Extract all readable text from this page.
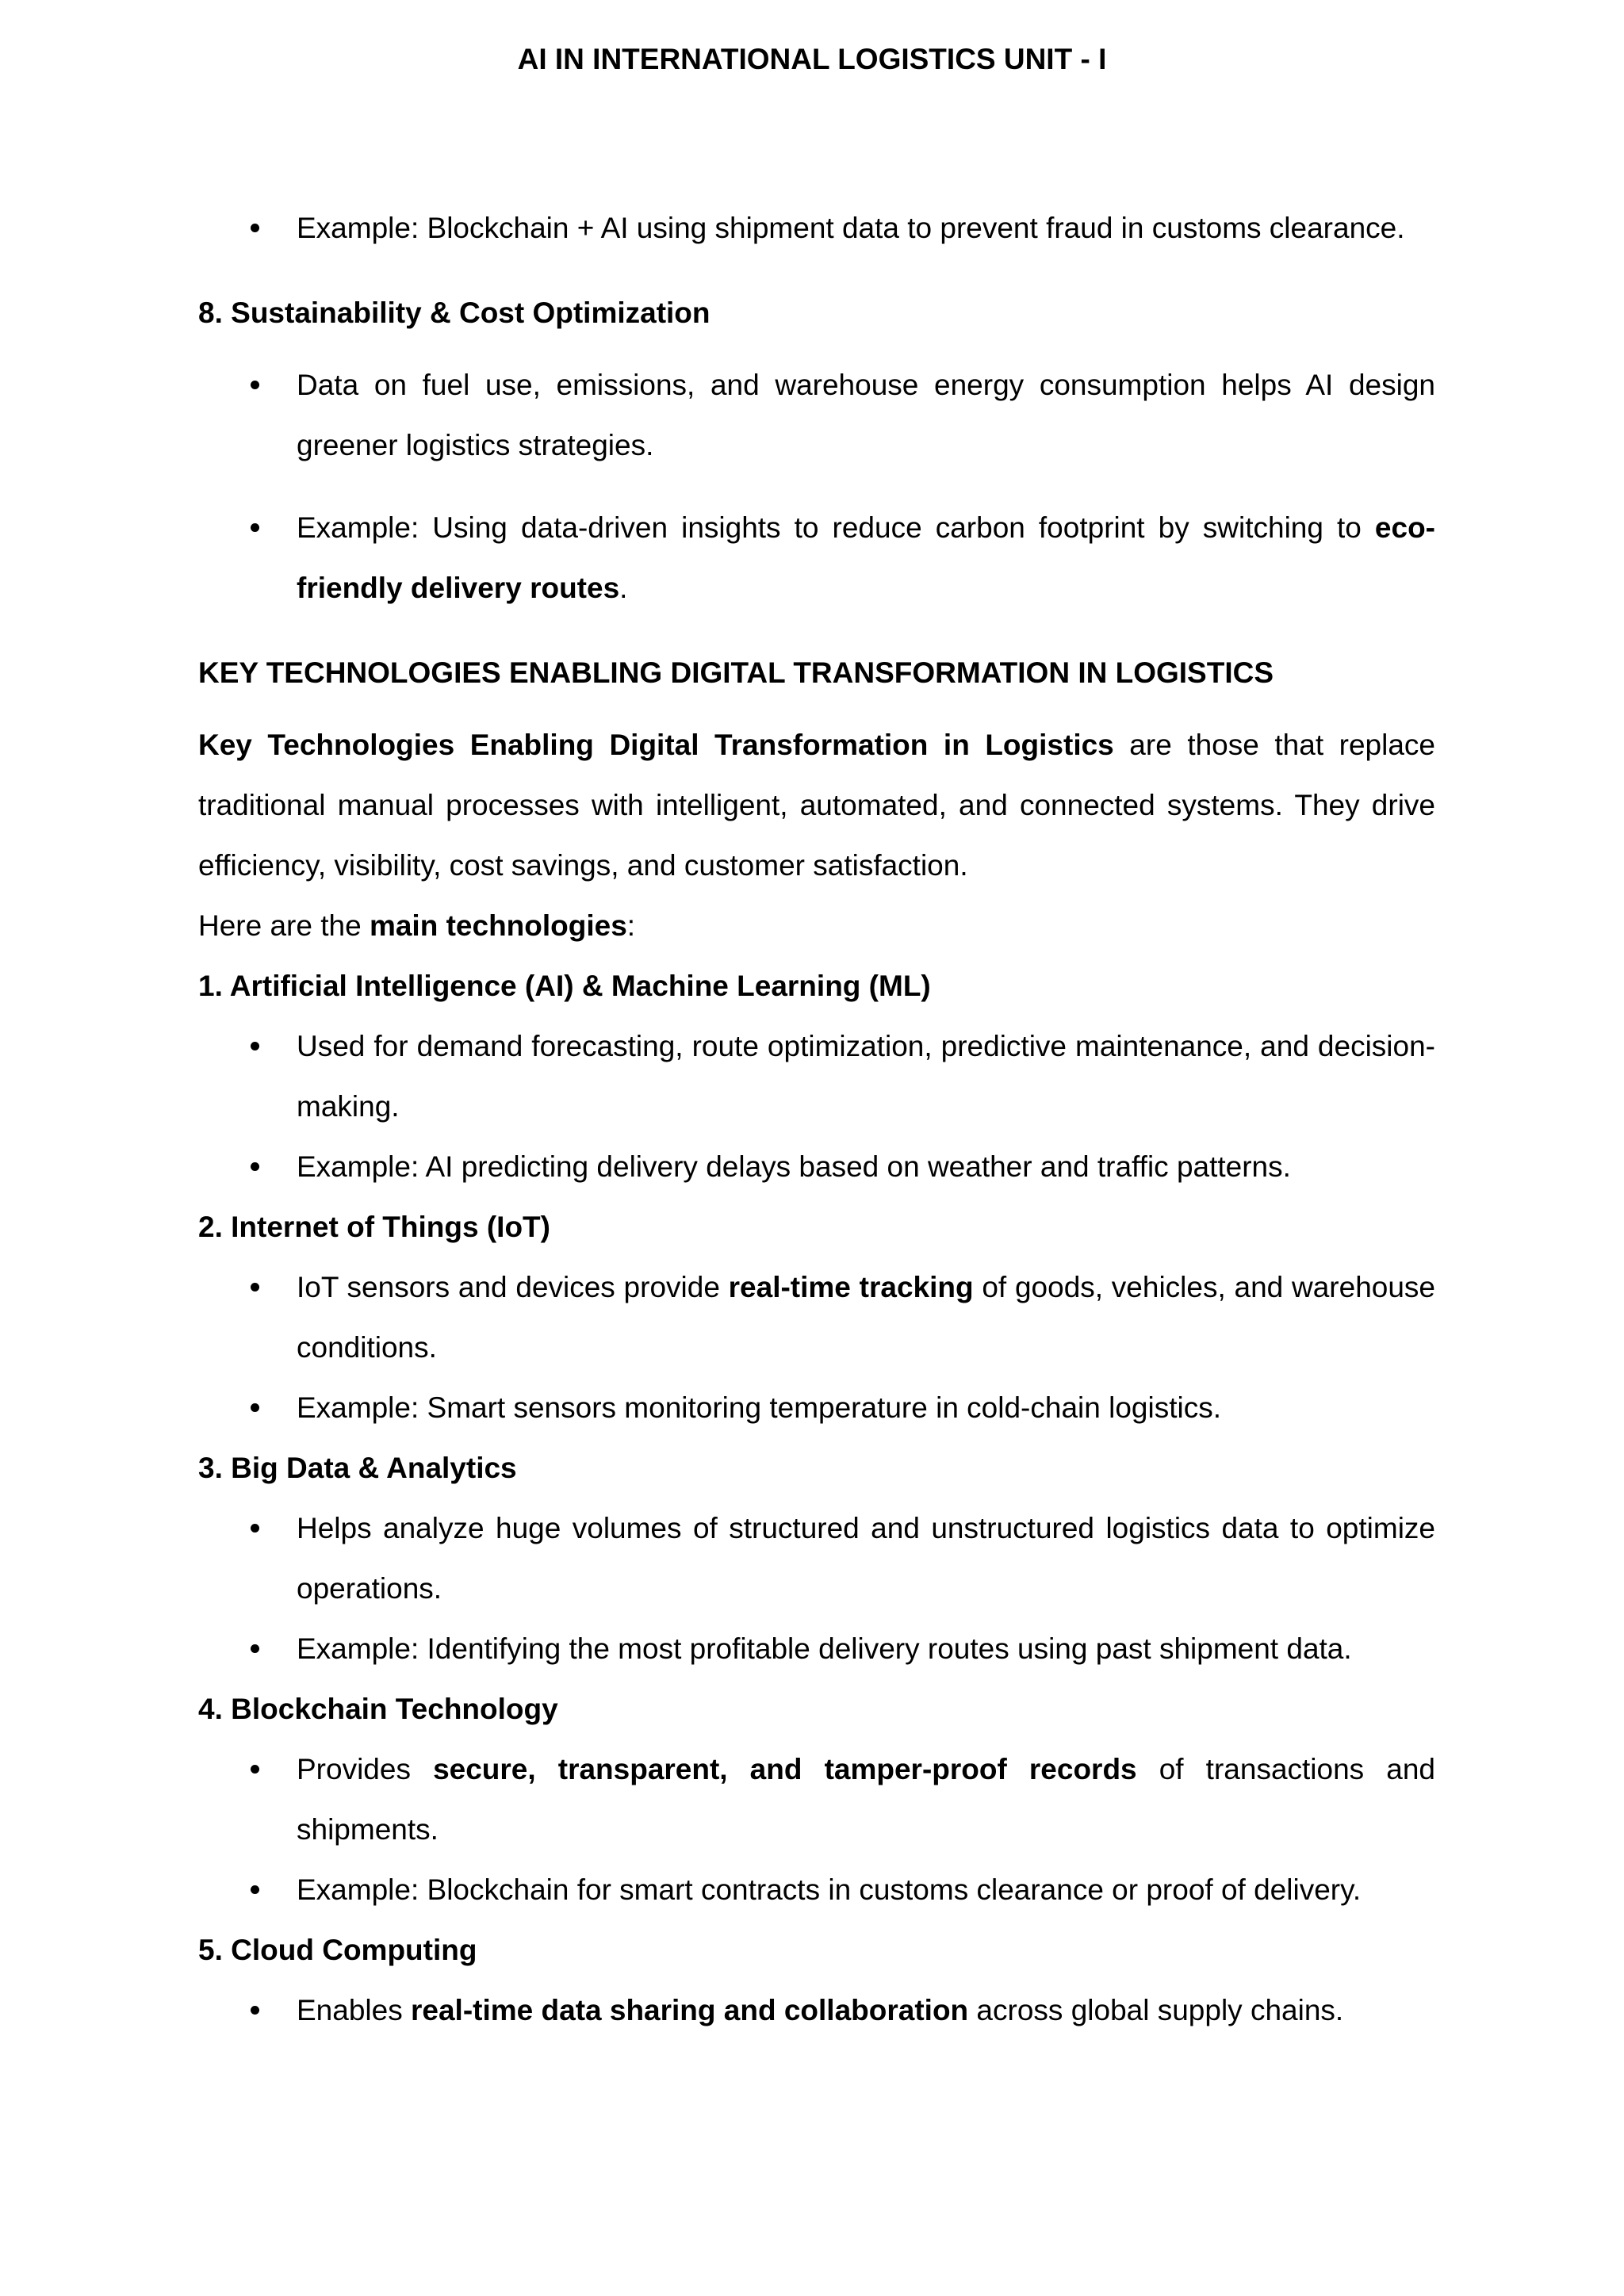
AI IN INTERNATIONAL LOGISTICS UNIT - I

Example: Blockchain + AI using shipment data to prevent fraud in customs clearance.

8. Sustainability & Cost Optimization

Data on fuel use, emissions, and warehouse energy consumption helps AI design greener logistics strategies.

Example: Using data-driven insights to reduce carbon footprint by switching to eco-friendly delivery routes.

KEY TECHNOLOGIES ENABLING DIGITAL TRANSFORMATION IN LOGISTICS

Key Technologies Enabling Digital Transformation in Logistics are those that replace traditional manual processes with intelligent, automated, and connected systems. They drive efficiency, visibility, cost savings, and customer satisfaction.

Here are the main technologies:

1. Artificial Intelligence (AI) & Machine Learning (ML)

Used for demand forecasting, route optimization, predictive maintenance, and decision-making.

Example: AI predicting delivery delays based on weather and traffic patterns.

2. Internet of Things (IoT)

IoT sensors and devices provide real-time tracking of goods, vehicles, and warehouse conditions.

Example: Smart sensors monitoring temperature in cold-chain logistics.

3. Big Data & Analytics

Helps analyze huge volumes of structured and unstructured logistics data to optimize operations.

Example: Identifying the most profitable delivery routes using past shipment data.

4. Blockchain Technology

Provides secure, transparent, and tamper-proof records of transactions and shipments.

Example: Blockchain for smart contracts in customs clearance or proof of delivery.

5. Cloud Computing

Enables real-time data sharing and collaboration across global supply chains.
